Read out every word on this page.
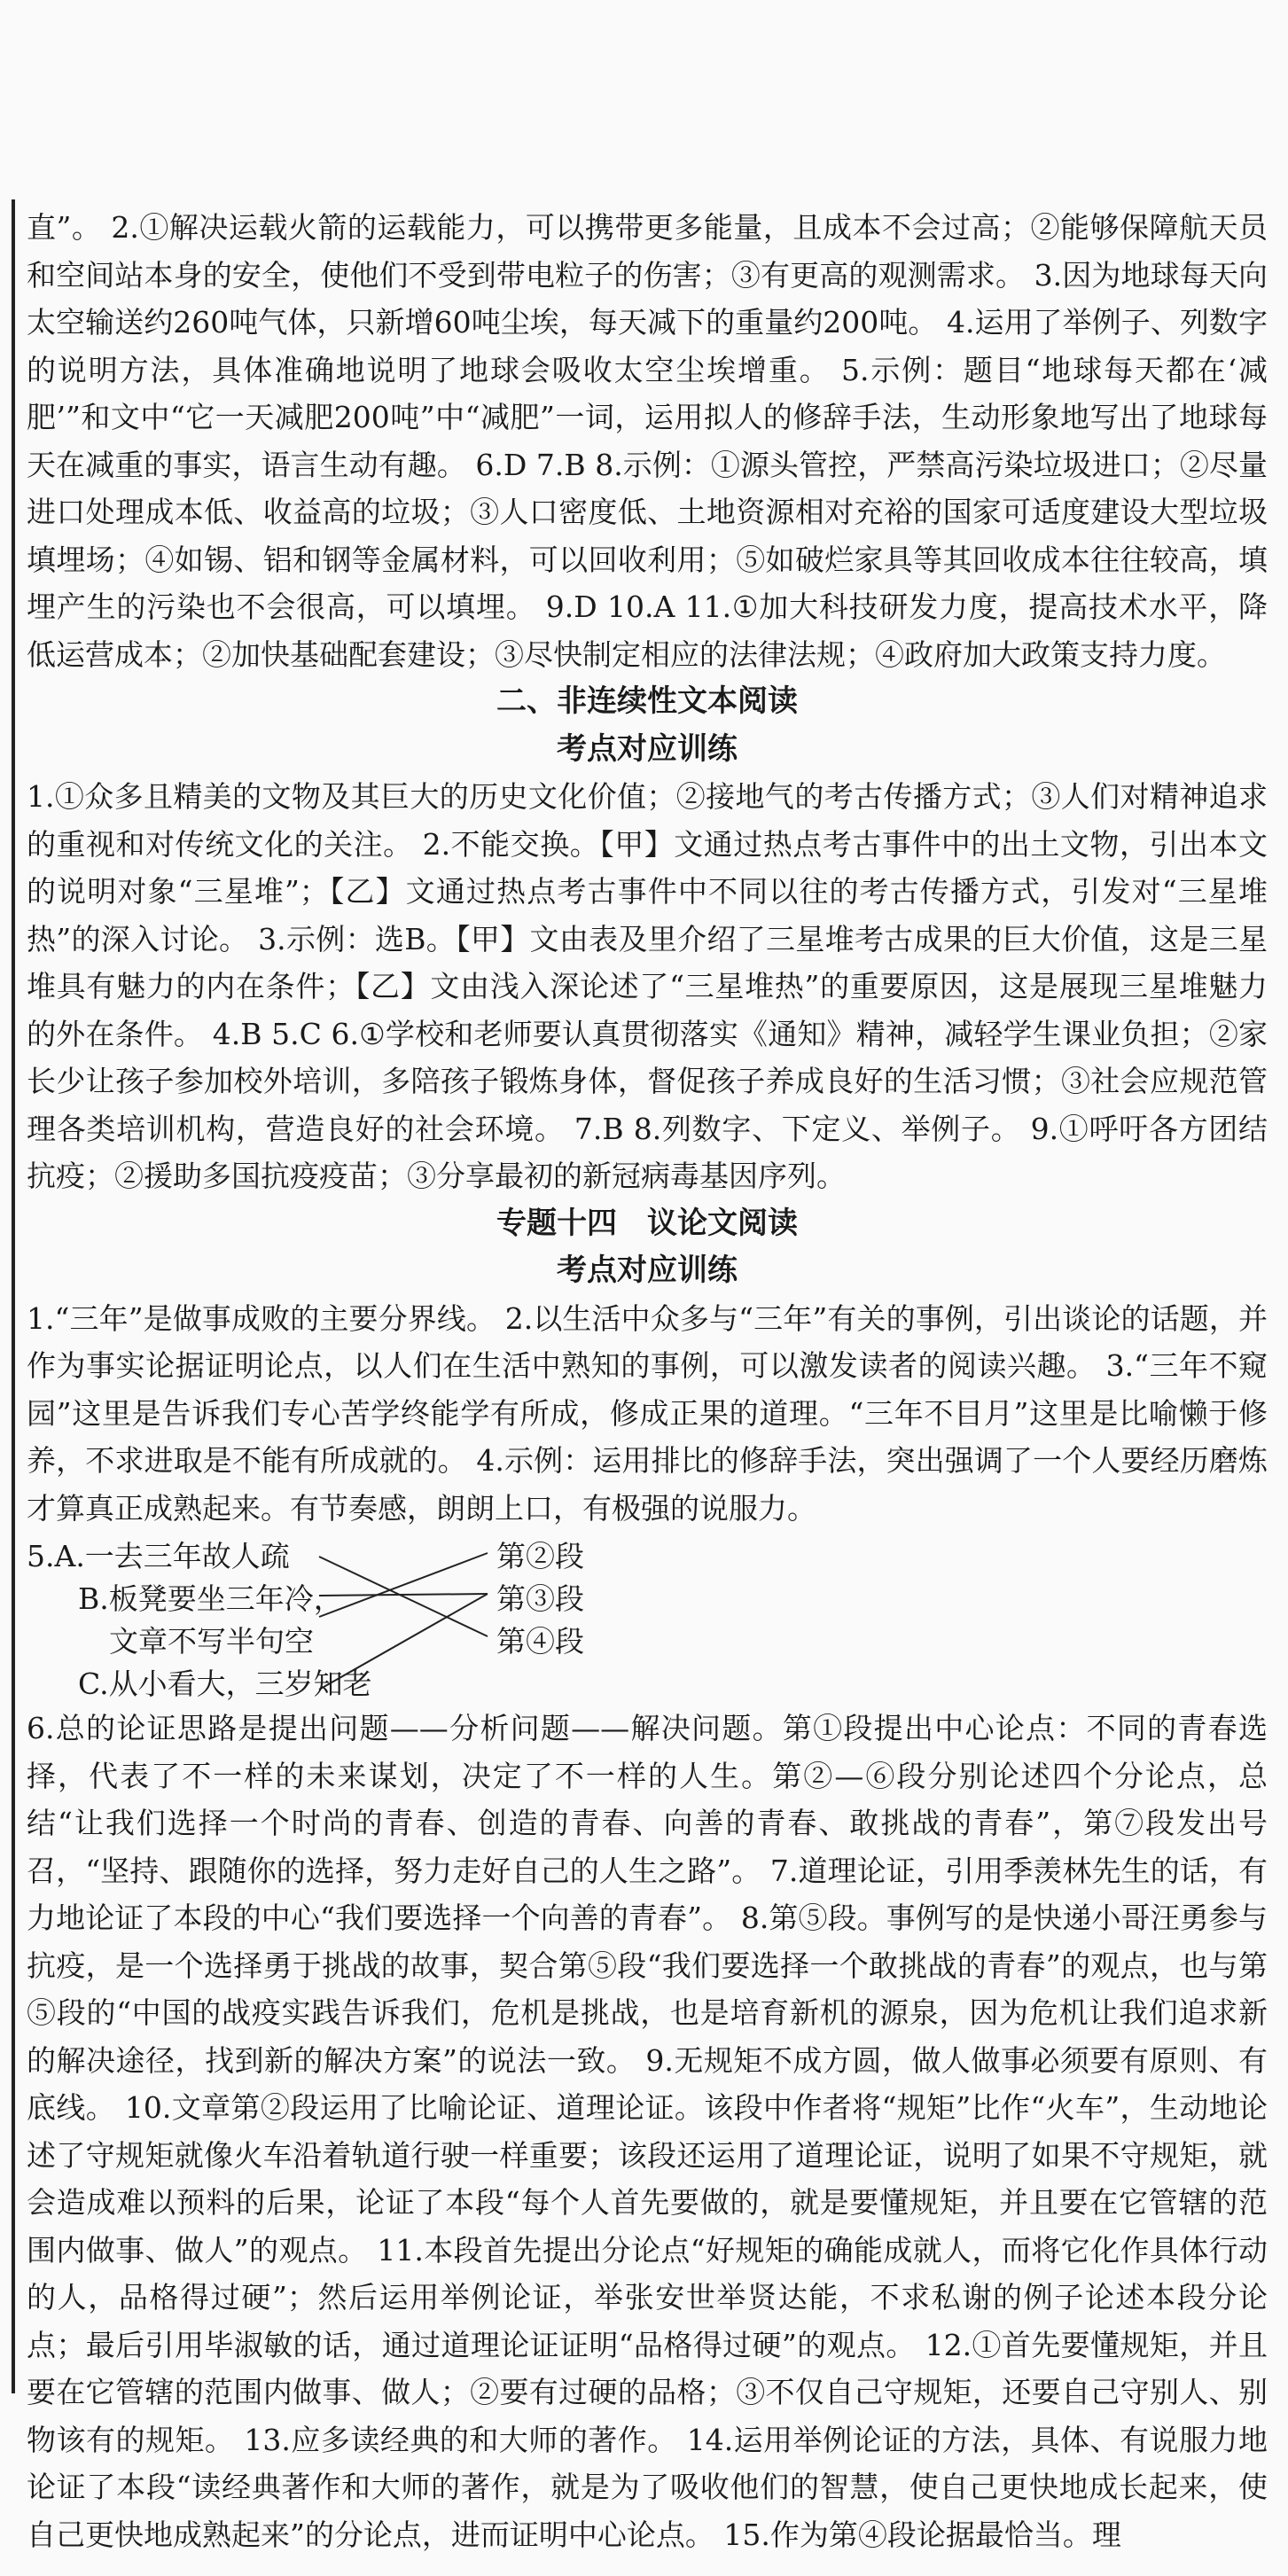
直”。 2.①解决运载火箭的运载能力，可以携带更多能量，且成本不会过高；②能够保障航天员和空间站本身的安全，使他们不受到带电粒子的伤害；③有更高的观测需求。 3.因为地球每天向太空输送约260吨气体，只新增60吨尘埃，每天减下的重量约200吨。 4.运用了举例子、列数字的说明方法，具体准确地说明了地球会吸收太空尘埃增重。 5.示例：题目“地球每天都在‘减肥’”和文中“它一天减肥200吨”中“减肥”一词，运用拟人的修辞手法，生动形象地写出了地球每天在减重的事实，语言生动有趣。 6.D 7.B 8.示例：①源头管控，严禁高污染垃圾进口；②尽量进口处理成本低、收益高的垃圾；③人口密度低、土地资源相对充裕的国家可适度建设大型垃圾填埋场；④如锡、铝和钢等金属材料，可以回收利用；⑤如破烂家具等其回收成本往往较高，填埋产生的污染也不会很高，可以填埋。 9.D 10.A 11.①加大科技研发力度，提高技术水平，降低运营成本；②加快基础配套建设；③尽快制定相应的法律法规；④政府加大政策支持力度。

二、非连续性文本阅读

考点对应训练

1.①众多且精美的文物及其巨大的历史文化价值；②接地气的考古传播方式；③人们对精神追求的重视和对传统文化的关注。 2.不能交换。【甲】文通过热点考古事件中的出土文物，引出本文的说明对象“三星堆”；【乙】文通过热点考古事件中不同以往的考古传播方式，引发对“三星堆热”的深入讨论。 3.示例：选B。【甲】文由表及里介绍了三星堆考古成果的巨大价值，这是三星堆具有魅力的内在条件；【乙】文由浅入深论述了“三星堆热”的重要原因，这是展现三星堆魅力的外在条件。 4.B 5.C 6.①学校和老师要认真贯彻落实《通知》精神，减轻学生课业负担；②家长少让孩子参加校外培训，多陪孩子锻炼身体，督促孩子养成良好的生活习惯；③社会应规范管理各类培训机构，营造良好的社会环境。 7.B 8.列数字、下定义、举例子。 9.①呼吁各方团结抗疫；②援助多国抗疫疫苗；③分享最初的新冠病毒基因序列。

专题十四　议论文阅读

考点对应训练

1.“三年”是做事成败的主要分界线。 2.以生活中众多与“三年”有关的事例，引出谈论的话题，并作为事实论据证明论点，以人们在生活中熟知的事例，可以激发读者的阅读兴趣。 3.“三年不窥园”这里是告诉我们专心苦学终能学有所成，修成正果的道理。“三年不目月”这里是比喻懒于修养，不求进取是不能有所成就的。 4.示例：运用排比的修辞手法，突出强调了一个人要经历磨炼才算真正成熟起来。有节奏感，朗朗上口，有极强的说服力。

5.A.一去三年故人疏
B.板凳要坐三年冷，
文章不写半句空
C.从小看大，三岁知老
第②段
第③段
第④段

6.总的论证思路是提出问题——分析问题——解决问题。第①段提出中心论点：不同的青春选择，代表了不一样的未来谋划，决定了不一样的人生。第②—⑥段分别论述四个分论点，总结“让我们选择一个时尚的青春、创造的青春、向善的青春、敢挑战的青春”，第⑦段发出号召，“坚持、跟随你的选择，努力走好自己的人生之路”。 7.道理论证，引用季羡林先生的话，有力地论证了本段的中心“我们要选择一个向善的青春”。 8.第⑤段。事例写的是快递小哥汪勇参与抗疫，是一个选择勇于挑战的故事，契合第⑤段“我们要选择一个敢挑战的青春”的观点，也与第⑤段的“中国的战疫实践告诉我们，危机是挑战，也是培育新机的源泉，因为危机让我们追求新的解决途径，找到新的解决方案”的说法一致。 9.无规矩不成方圆，做人做事必须要有原则、有底线。 10.文章第②段运用了比喻论证、道理论证。该段中作者将“规矩”比作“火车”，生动地论述了守规矩就像火车沿着轨道行驶一样重要；该段还运用了道理论证，说明了如果不守规矩，就会造成难以预料的后果，论证了本段“每个人首先要做的，就是要懂规矩，并且要在它管辖的范围内做事、做人”的观点。 11.本段首先提出分论点“好规矩的确能成就人，而将它化作具体行动的人，品格得过硬”；然后运用举例论证，举张安世举贤达能，不求私谢的例子论述本段分论点；最后引用毕淑敏的话，通过道理论证证明“品格得过硬”的观点。 12.①首先要懂规矩，并且要在它管辖的范围内做事、做人；②要有过硬的品格；③不仅自己守规矩，还要自己守别人、别物该有的规矩。 13.应多读经典的和大师的著作。 14.运用举例论证的方法，具体、有说服力地论证了本段“读经典著作和大师的著作，就是为了吸收他们的智慧，使自己更快地成长起来，使自己更快地成熟起来”的分论点，进而证明中心论点。 15.作为第④段论据最恰当。理
